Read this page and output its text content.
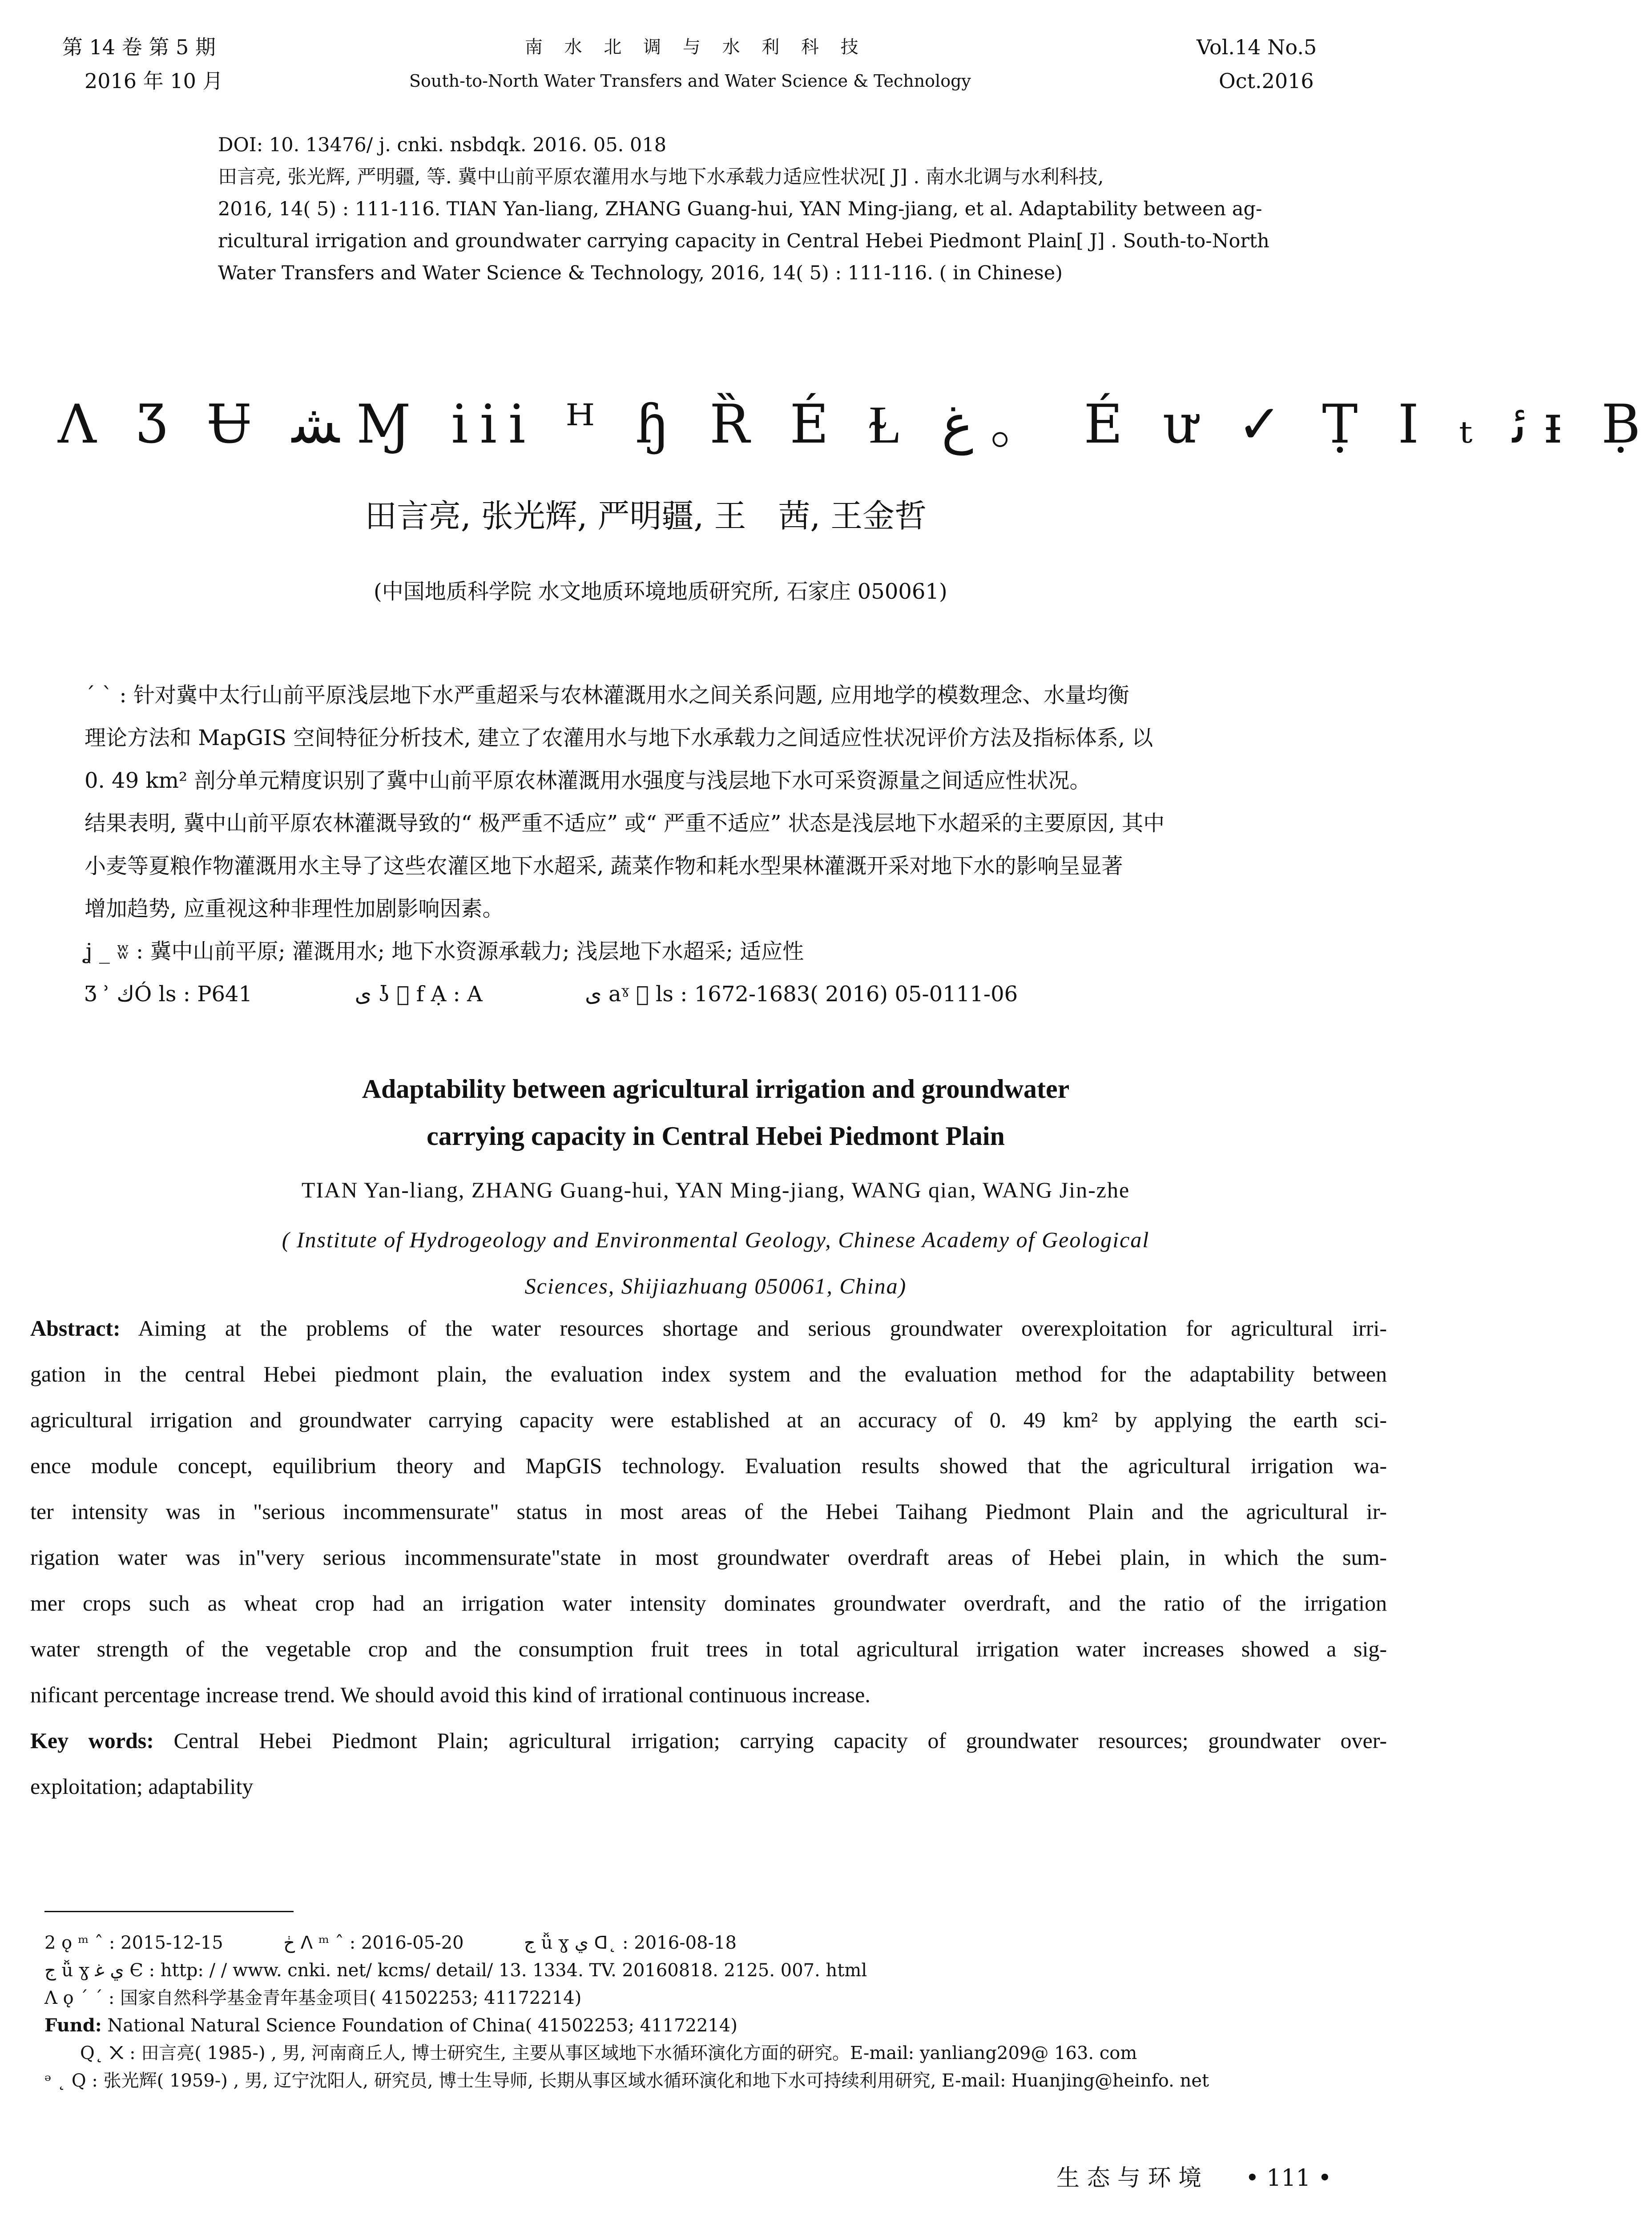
第 14 卷 第 5 期
2016 年 10 月
南 水 北 调 与 水 利 科 技
South-to-North Water Transfers and Water Science & Technology
Vol.14 No.5
Oct.2016
DOI: 10. 13476/ j. cnki. nsbdqk. 2016. 05. 018
田言亮, 张光辉, 严明疆, 等. 冀中山前平原农灌用水与地下水承载力适应性状况[ J] . 南水北调与水利科技,
2016, 14( 5) : 111-116. TIAN Yan-liang, ZHANG Guang-hui, YAN Ming-jiang, et al. Adaptability between ag-
ricultural irrigation and groundwater carrying capacity in Central Hebei Piedmont Plain[ J] . South-to-North
Water Transfers and Water Science & Technology, 2016, 14( 5) : 111-116. ( in Chinese)
Ʌ Ʒ Ʉ ﺸ Ɱ iii ᴴ ɧ Ȑ É Ɫ ﻍ 。 É ư ✓ Ṭ I ₜ ﺋ ᵻ Ḅ
田言亮, 张光辉, 严明疆, 王　茜, 王金哲
(中国地质科学院 水文地质环境地质研究所, 石家庄 050061)
ˊ ˋ : 针对冀中太行山前平原浅层地下水严重超采与农林灌溉用水之间关系问题, 应用地学的模数理念、水量均衡
理论方法和 MapGIS 空间特征分析技术, 建立了农灌用水与地下水承载力之间适应性状况评价方法及指标体系, 以
0. 49 km² 剖分单元精度识别了冀中山前平原农林灌溉用水强度与浅层地下水可采资源量之间适应性状况。
结果表明, 冀中山前平原农林灌溉导致的“ 极严重不适应” 或“ 严重不适应” 状态是浅层地下水超采的主要原因, 其中
小麦等夏粮作物灌溉用水主导了这些农灌区地下水超采, 蔬菜作物和耗水型果林灌溉开采对地下水的影响呈显著
增加趋势, 应重视这种非理性加剧影响因素。
ʝ _ ʬ : 冀中山前平原; 灌溉用水; 地下水资源承载力; 浅层地下水超采; 适应性
Ʒ ʾ ﻙÓ ls : P641	ى ʖ ⃞ f Ạ : A	ى aˠ ⃞ ls : 1672-1683( 2016) 05-0111-06
Adaptability between agricultural irrigation and groundwater
carrying capacity in Central Hebei Piedmont Plain
TIAN Yan-liang, ZHANG Guang-hui, YAN Ming-jiang, WANG qian, WANG Jin-zhe
( Institute of Hydrogeology and Environmental Geology, Chinese Academy of Geological
Sciences, Shijiazhuang 050061, China)
Abstract: Aiming at the problems of the water resources shortage and serious groundwater overexploitation for agricultural irri-
gation in the central Hebei piedmont plain, the evaluation index system and the evaluation method for the adaptability between
agricultural irrigation and groundwater carrying capacity were established at an accuracy of 0. 49 km² by applying the earth sci-
ence module concept, equilibrium theory and MapGIS technology. Evaluation results showed that the agricultural irrigation wa-
ter intensity was in "serious incommensurate" status in most areas of the Hebei Taihang Piedmont Plain and the agricultural ir-
rigation water was in"very serious incommensurate"state in most groundwater overdraft areas of Hebei plain, in which the sum-
mer crops such as wheat crop had an irrigation water intensity dominates groundwater overdraft, and the ratio of the irrigation
water strength of the vegetable crop and the consumption fruit trees in total agricultural irrigation water increases showed a sig-
nificant percentage increase trend. We should avoid this kind of irrational continuous increase.
Key words: Central Hebei Piedmont Plain; agricultural irrigation; carrying capacity of groundwater resources; groundwater over-
exploitation; adaptability
2 ǫ ᵐ ˆ : 2015-12-15	ڂ ᐱ ᵐ ˆ : 2016-05-20	ج ǚ ɣ ي ᗡ˛ : 2016-08-18
ج ǚ ɣ ي ﻏ Є : http: / / www. cnki. net/ kcms/ detail/ 13. 1334. TV. 20160818. 2125. 007. html
Ʌ ǫ ˊ ˊ : 国家自然科学基金青年基金项目( 41502253; 41172214)
Fund: National Natural Science Foundation of China( 41502253; 41172214)
Q˛ ᙭ : 田言亮( 1985-) , 男, 河南商丘人, 博士研究生, 主要从事区域地下水循环演化方面的研究。E-mail: yanliang209@ 163. com
ᵊ ˛ Q : 张光辉( 1959-) , 男, 辽宁沈阳人, 研究员, 博士生导师, 长期从事区域水循环演化和地下水可持续利用研究, E-mail: Huanjing@heinfo. net
生 态 与 环 境 • 111 •
